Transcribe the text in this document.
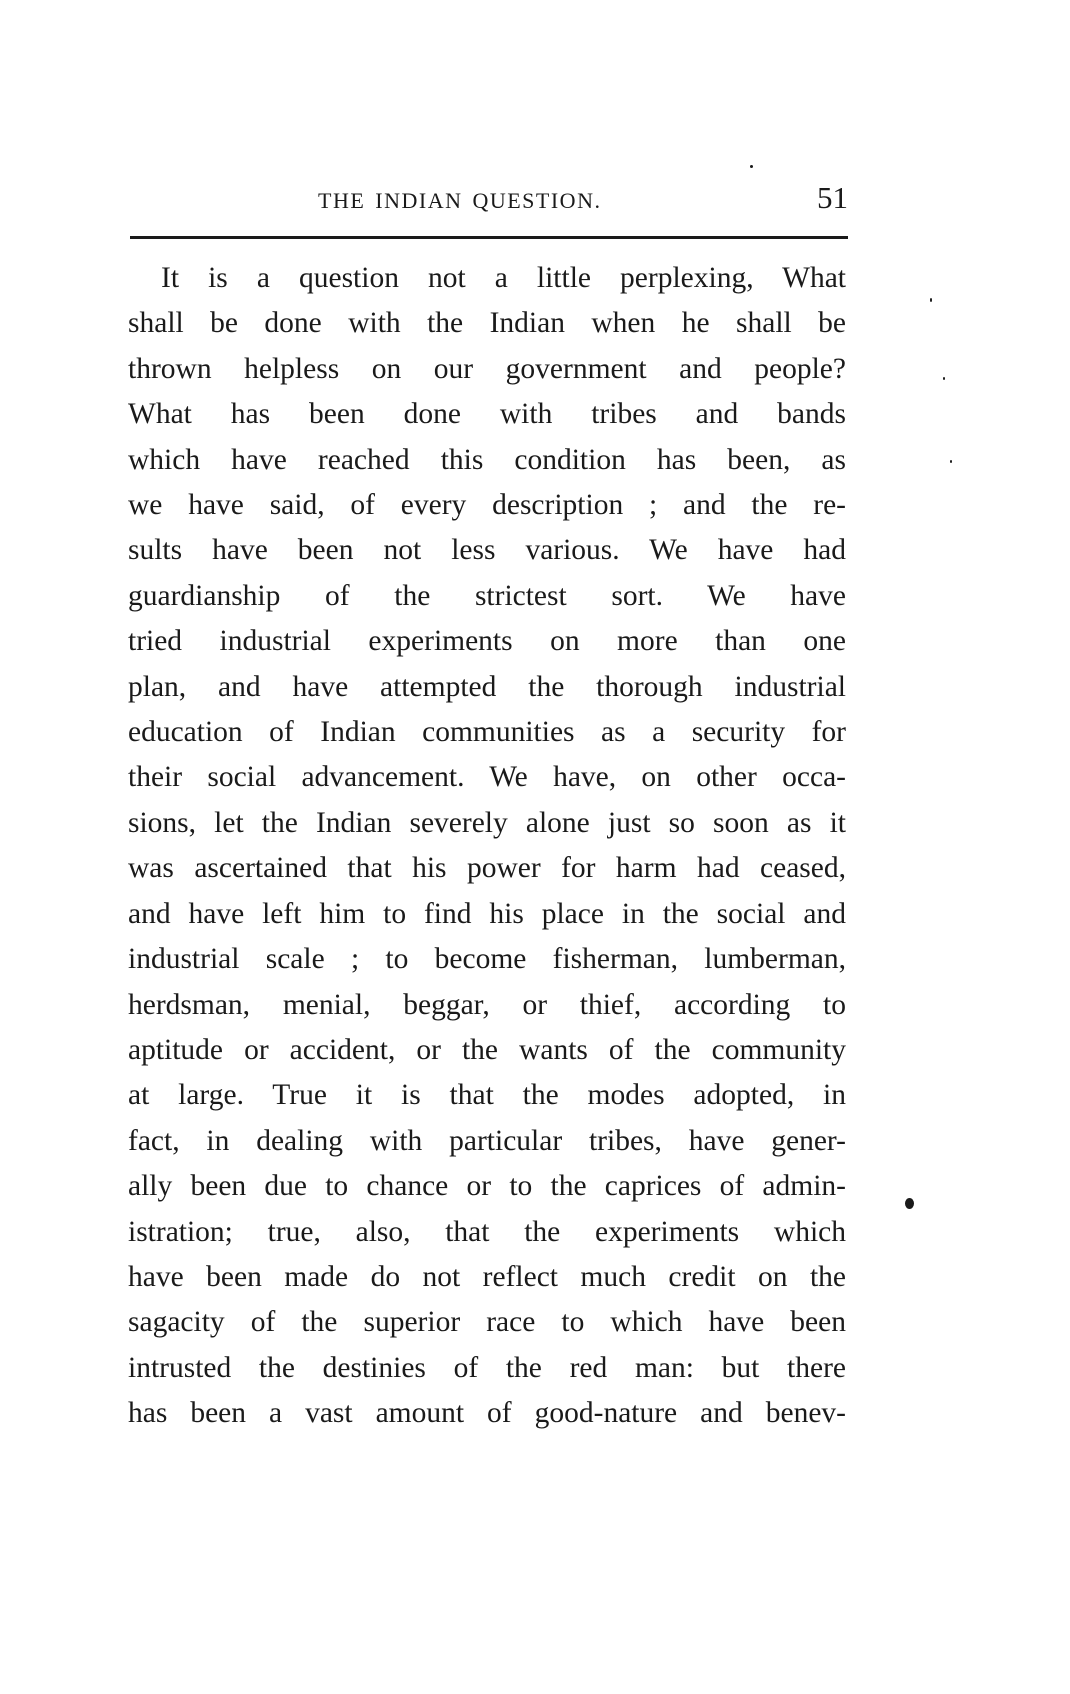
THE INDIAN QUESTION.	51
It is a question not a little perplexing, What
shall be done with the Indian when he shall be
thrown helpless on our government and people?
What has been done with tribes and bands
which have reached this condition has been, as
we have said, of every description ; and the re-
sults have been not less various. We have had
guardianship of the strictest sort. We have
tried industrial experiments on more than one
plan, and have attempted the thorough industrial
education of Indian communities as a security for
their social advancement. We have, on other occa-
sions, let the Indian severely alone just so soon as it
was ascertained that his power for harm had ceased,
and have left him to find his place in the social and
industrial scale ; to become fisherman, lumberman,
herdsman, menial, beggar, or thief, according to
aptitude or accident, or the wants of the community
at large. True it is that the modes adopted, in
fact, in dealing with particular tribes, have gener-
ally been due to chance or to the caprices of admin-
istration; true, also, that the experiments which
have been made do not reflect much credit on the
sagacity of the superior race to which have been
intrusted the destinies of the red man: but there
has been a vast amount of good-nature and benev-
